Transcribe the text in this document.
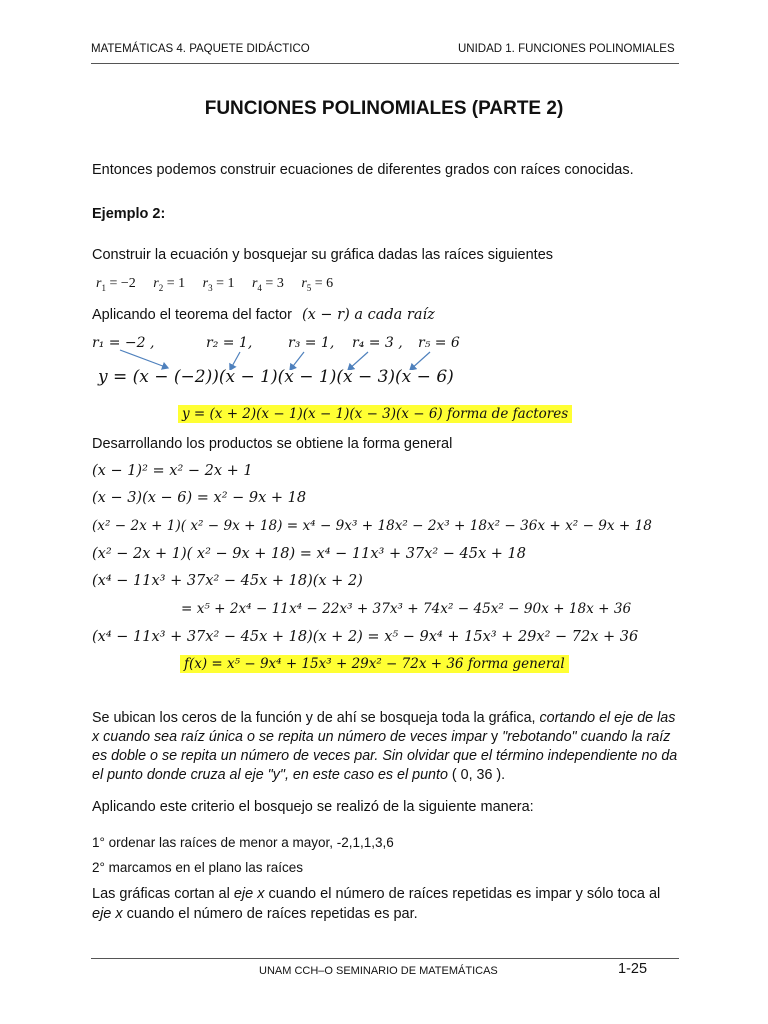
MATEMÁTICAS 4. PAQUETE DIDÁCTICO	UNIDAD 1. FUNCIONES POLINOMIALES
FUNCIONES POLINOMIALES (PARTE 2)
Entonces podemos construir ecuaciones de diferentes grados con raíces conocidas.
Ejemplo 2:
Construir la ecuación y bosquejar su gráfica dadas las raíces siguientes
$r_1 = -2$ $r_2 = 1$ $r_3 = 1$ $r_4 = 3$ $r_5 = 6$
Aplicando el teorema del factor (x − r) a cada raíz
r₁ = −2 ,	r₂ = 1,	r₃ = 1, r₄ = 3 , r₅ = 6
y = (x − (−2))(x − 1)(x − 1)(x − 3)(x − 6)
y = (x + 2)(x − 1)(x − 1)(x − 3)(x − 6) forma de factores
Desarrollando los productos se obtiene la forma general
(x − 1)² = x² − 2x + 1
(x − 3)(x − 6) = x² − 9x + 18
(x² − 2x + 1)( x² − 9x + 18) = x⁴ − 9x³ + 18x² − 2x³ + 18x² − 36x + x² − 9x + 18
(x² − 2x + 1)( x² − 9x + 18) = x⁴ − 11x³ + 37x² − 45x + 18
(x⁴ − 11x³ + 37x² − 45x + 18)(x + 2)
= x⁵ + 2x⁴ − 11x⁴ − 22x³ + 37x³ + 74x² − 45x² − 90x + 18x + 36
(x⁴ − 11x³ + 37x² − 45x + 18)(x + 2) = x⁵ − 9x⁴ + 15x³ + 29x² − 72x + 36
f(x) = x⁵ − 9x⁴ + 15x³ + 29x² − 72x + 36 forma general
Se ubican los ceros de la función y de ahí se bosqueja toda la gráfica, cortando el eje de las x cuando sea raíz única o se repita un número de veces impar y "rebotando" cuando la raíz es doble o se repita un número de veces par. Sin olvidar que el término independiente no da el punto donde cruza al eje "y", en este caso es el punto ( 0, 36 ).
Aplicando este criterio el bosquejo se realizó de la siguiente manera:
1° ordenar las raíces de menor a mayor, -2,1,1,3,6
2° marcamos en el plano las raíces
Las gráficas cortan al eje x cuando el número de raíces repetidas es impar y sólo toca al eje x cuando el número de raíces repetidas es par.
UNAM CCH–O SEMINARIO DE MATEMÁTICAS	1-25
